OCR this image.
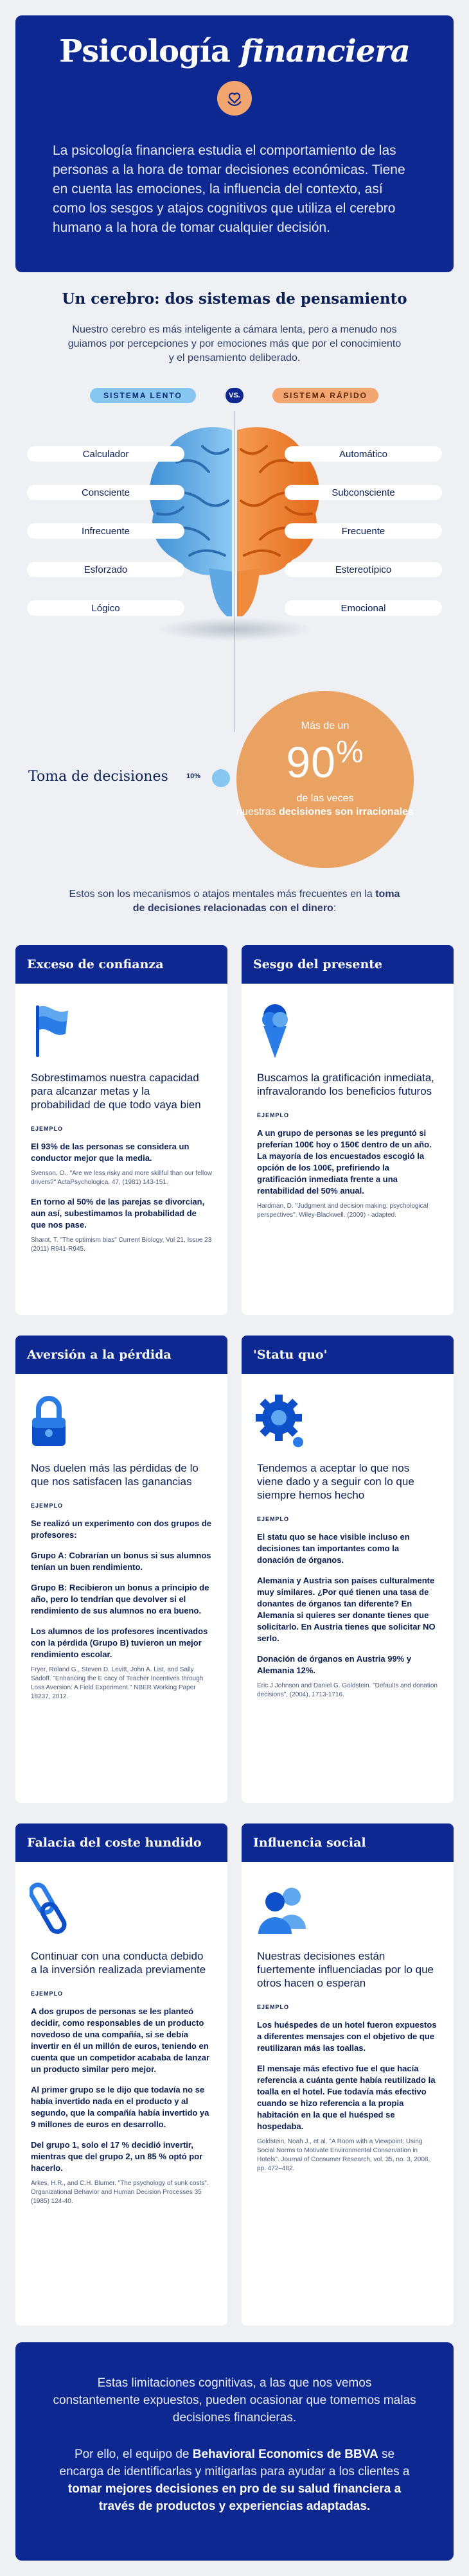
Psicología financiera

La psicología financiera estudia el comportamiento de las personas a la hora de tomar decisiones económicas. Tiene en cuenta las emociones, la influencia del contexto, así como los sesgos y atajos cognitivos que utiliza el cerebro humano a la hora de tomar cualquier decisión.

Un cerebro: dos sistemas de pensamiento
Nuestro cerebro es más inteligente a cámara lenta, pero a menudo nos guiamos por percepciones y por emociones más que por el conocimiento y el pensamiento deliberado.
SISTEMA LENTO	VS.	SISTEMA RÁPIDO
Calculador
Consciente
Infrecuente
Esforzado
Lógico
Automático
Subconsciente
Frecuente
Estereotípico
Emocional
Toma de decisiones	10%
Más de un
90%
de las veces
nuestras decisiones son irracionales
Estos son los mecanismos o atajos mentales más frecuentes en la toma de decisiones relacionadas con el dinero:
Exceso de confianza
Sobrestimamos nuestra capacidad para alcanzar metas y la probabilidad de que todo vaya bien
EJEMPLO
El 93% de las personas se considera un conductor mejor que la media.
Svenson, O.. "Are we less risky and more skillful than our fellow drivers?" ActaPsychologica, 47, (1981) 143-151.
En torno al 50% de las parejas se divorcian, aun así, subestimamos la probabilidad de que nos pase.
Sharot, T. "The optimism bias" Current Biology, Vol 21, Issue 23 (2011) R941-R945.
Sesgo del presente
Buscamos la gratificación inmediata, infravalorando los beneficios futuros
EJEMPLO
A un grupo de personas se les preguntó si preferían 100€ hoy o 150€ dentro de un año. La mayoría de los encuestados escogió la opción de los 100€, prefiriendo la gratificación inmediata frente a una rentabilidad del 50% anual.
Hardman, D. "Judgment and decision making: psychological perspectives". Wiley-Blackwell. (2009) - adapted.
Aversión a la pérdida
Nos duelen más las pérdidas de lo que nos satisfacen las ganancias
EJEMPLO
Se realizó un experimento con dos grupos de profesores:
Grupo A: Cobrarían un bonus si sus alumnos tenían un buen rendimiento.
Grupo B: Recibieron un bonus a principio de año, pero lo tendrían que devolver si el rendimiento de sus alumnos no era bueno.
Los alumnos de los profesores incentivados con la pérdida (Grupo B) tuvieron un mejor rendimiento escolar.
Fryer, Roland G., Steven D. Levitt, John A. List, and Sally Sadoff. "Enhancing the E cacy of Teacher Incentives through Loss Aversion: A Field Experiment." NBER Working Paper 18237, 2012.
'Statu quo'
Tendemos a aceptar lo que nos viene dado y a seguir con lo que siempre hemos hecho
EJEMPLO
El statu quo se hace visible incluso en decisiones tan importantes como la donación de órganos.
Alemania y Austria son países culturalmente muy similares. ¿Por qué tienen una tasa de donantes de órganos tan diferente? En Alemania si quieres ser donante tienes que solicitarlo. En Austria tienes que solicitar NO serlo.
Donación de órganos en Austria 99% y Alemania 12%.
Eric J Johnson and Daniel G. Goldstein. "Defaults and donation decisions", (2004), 1713-1716.
Falacia del coste hundido
Continuar con una conducta debido a la inversión realizada previamente
EJEMPLO
A dos grupos de personas se les planteó decidir, como responsables de un producto novedoso de una compañía, si se debía invertir en él un millón de euros, teniendo en cuenta que un competidor acababa de lanzar un producto similar pero mejor.
Al primer grupo se le dijo que todavía no se había invertido nada en el producto y al segundo, que la compañía había invertido ya 9 millones de euros en desarrollo.
Del grupo 1, solo el 17 % decidió invertir, mientras que del grupo 2, un 85 % optó por hacerlo.
Arkes, H.R., and C.H. Blumer. "The psychology of sunk costs". Organizational Behavior and Human Decision Processes 35 (1985) 124-40.
Influencia social
Nuestras decisiones están fuertemente influenciadas por lo que otros hacen o esperan
EJEMPLO
Los huéspedes de un hotel fueron expuestos a diferentes mensajes con el objetivo de que reutilizaran más las toallas.
El mensaje más efectivo fue el que hacía referencia a cuánta gente había reutilizado la toalla en el hotel. Fue todavía más efectivo cuando se hizo referencia a la propia habitación en la que el huésped se hospedaba.
Goldstein, Noah J., et al. "A Room with a Viewpoint: Using Social Norms to Motivate Environmental Conservation in Hotels". Journal of Consumer Research, vol. 35, no. 3, 2008, pp. 472–482.

Estas limitaciones cognitivas, a las que nos vemos constantemente expuestos, pueden ocasionar que tomemos malas decisiones financieras.

Por ello, el equipo de Behavioral Economics de BBVA se encarga de identificarlas y mitigarlas para ayudar a los clientes a tomar mejores decisiones en pro de su salud financiera a través de productos y experiencias adaptadas.
